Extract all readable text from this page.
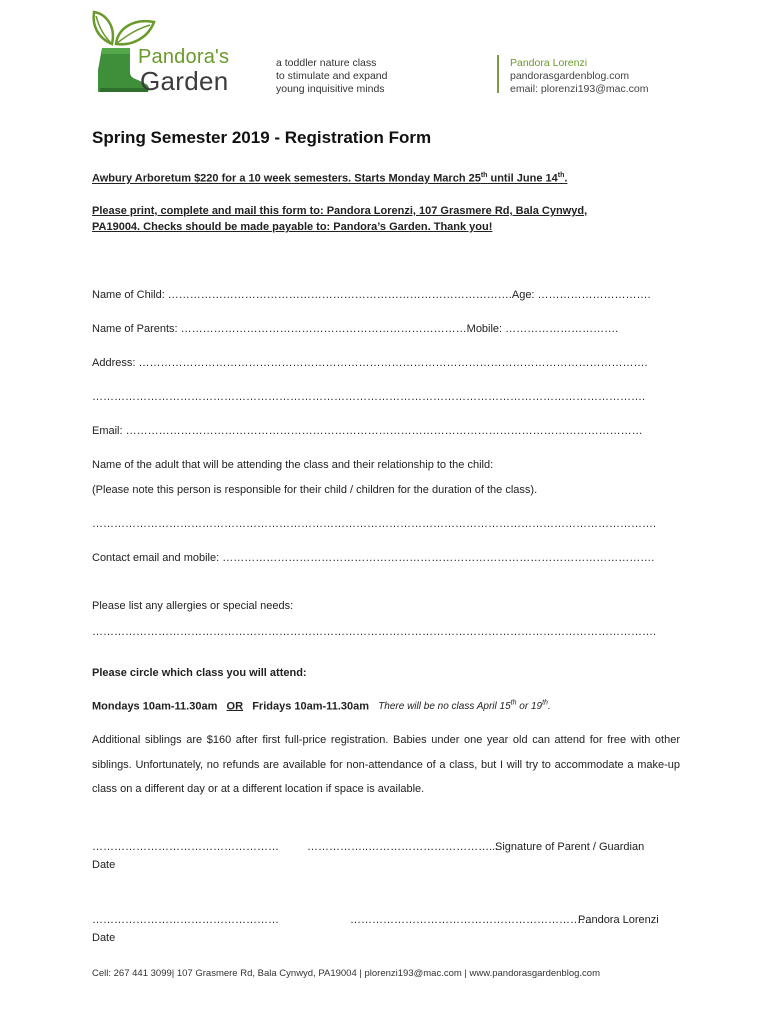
Pandora's
Garden
a toddler nature class
to stimulate and expand
young inquisitive minds
Pandora Lorenzi
pandorasgardenblog.com
email: plorenzi193@mac.com
Spring Semester 2019 - Registration Form
Awbury Arboretum $220 for a 10 week semesters. Starts Monday March 25th until June 14th.
Please print, complete and mail this form to: Pandora Lorenzi, 107 Grasmere Rd, Bala Cynwyd,
PA19004. Checks should be made payable to: Pandora’s Garden. Thank you!
Name of Child: ………………………………………………………………………………….Age: ………………………….
Name of Parents: ……………………………………………………………………Mobile: ………………………….
Address: ………………………………………………………………………………………………………………………….
…………………………………………………………………………………………………………………………………….
Email: ……………………………………………………………………………………………………………………………
Name of the adult that will be attending the class and their relationship to the child:
(Please note this person is responsible for their child / children for the duration of the class).
……………………………………………………………………………………………………………………………………….
Contact email and mobile: ……………………………………………………………………………………………………….
Please list any allergies or special needs:
……………………………………………………………………………………………………………………………………….
Please circle which class you will attend:
Mondays 10am-11.30am OR Fridays 10am-11.30am There will be no class April 15th or 19th.
Additional siblings are $160 after first full-price registration. Babies under one year old can attend for free with other siblings. Unfortunately, no refunds are available for non-attendance of a class, but I will try to accommodate a make-up class on a different day or at a different location if space is available.
……………………………………………	……………..……………………………...
Signature of Parent / Guardian
Date
……………………………………………	…………………………………………………………
Pandora Lorenzi
Date
Cell: 267 441 3099| 107 Grasmere Rd, Bala Cynwyd, PA19004 | plorenzi193@mac.com | www.pandorasgardenblog.com
